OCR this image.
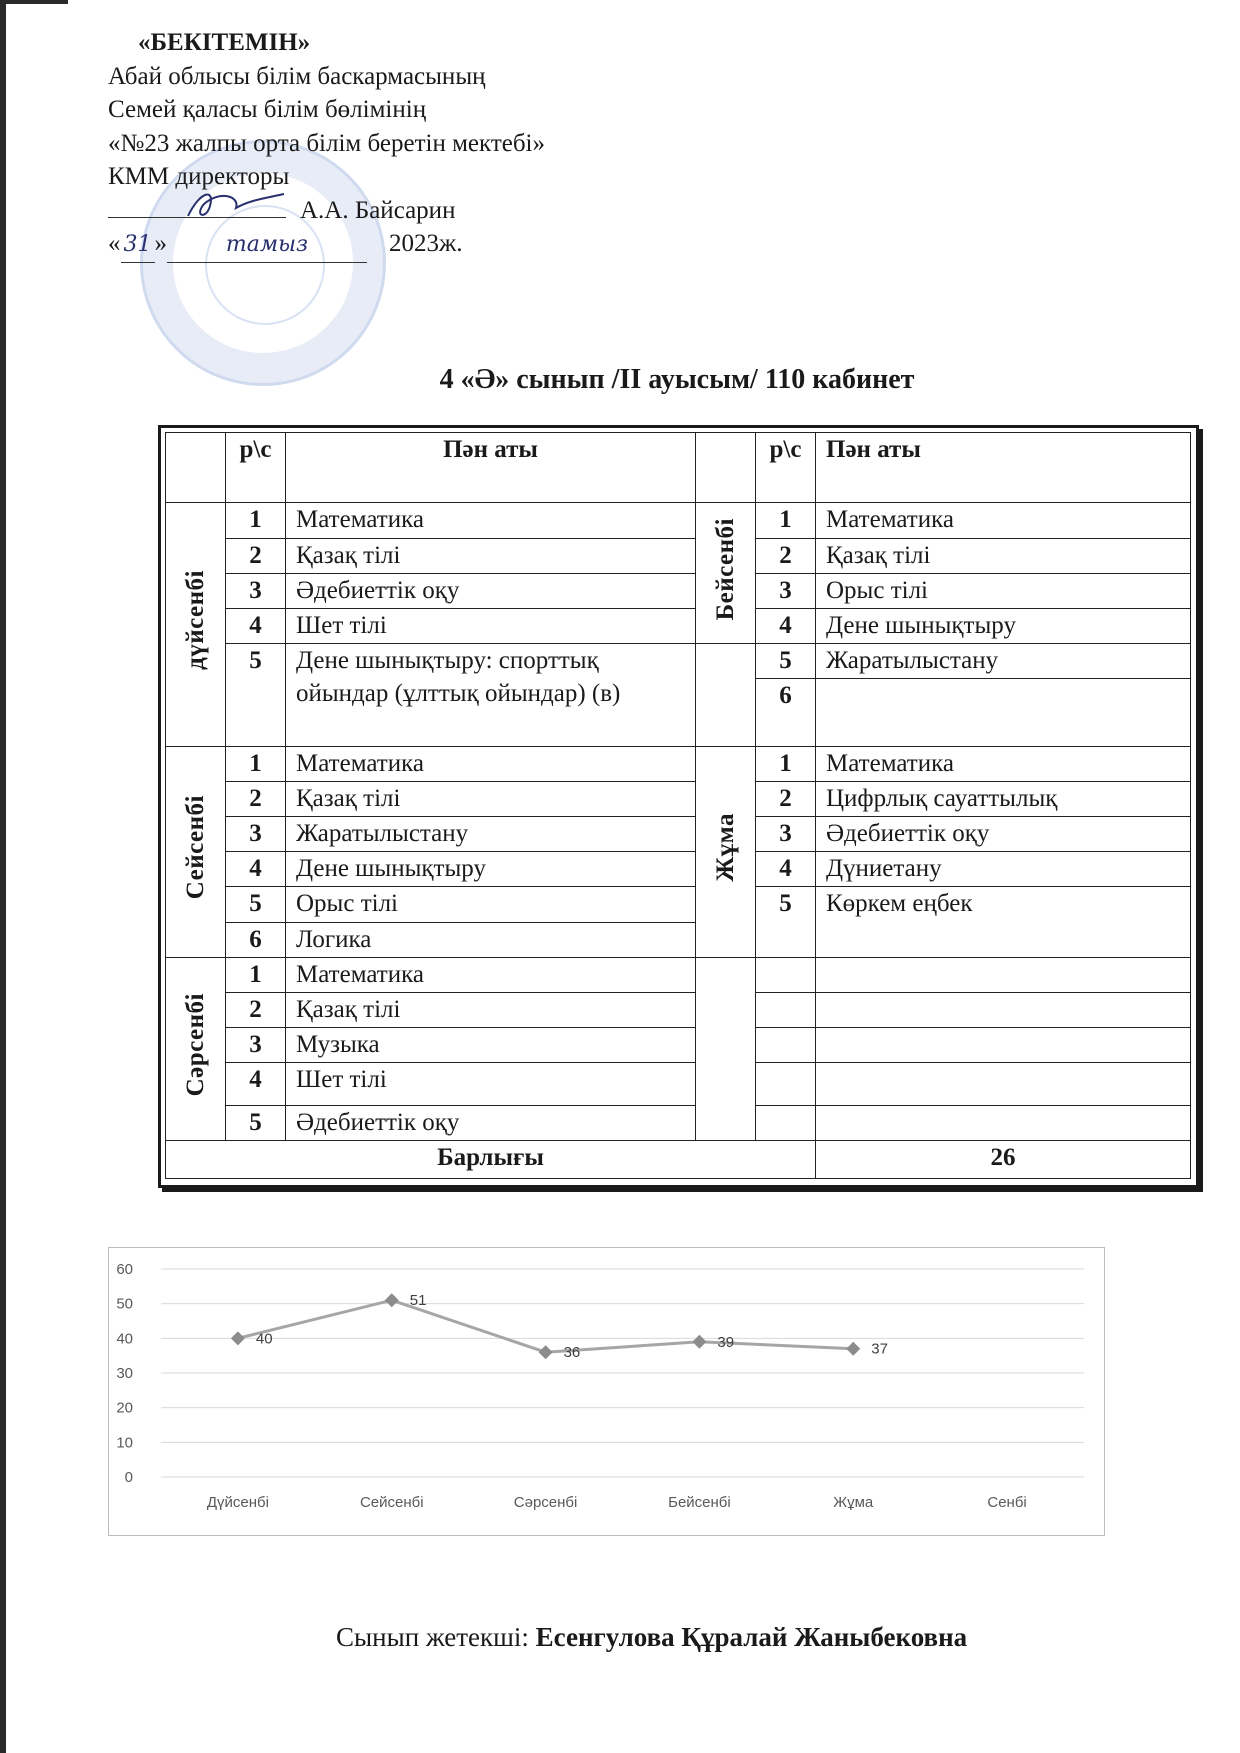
«БЕКІТЕМІН»
Абай облысы білім баскармасының
Семей қаласы білім бөлімінің
«№23 жалпы орта білім беретін мектебі»
КММ директоры
А.А. Байсарин
« 31 »	тамыз	2023ж.
4 «Ә» сынып /ІІ ауысым/ 110 кабинет
	р\с	Пән аты		р\с	Пән аты
дүйсенбі	1	Математика	Бейсенбі	1	Математика
	2	Қазақ тілі		2	Қазақ тілі
	3	Әдебиеттік оқу		3	Орыс тілі
	4	Шет тілі		4	Дене шынықтыру
	5	Дене шынықтыру: спорттық ойындар (ұлттық ойындар) (в)		5	Жаратылыстану
				6	
Сейсенбі	1	Математика	Жұма	1	Математика
	2	Қазақ тілі		2	Цифрлық сауаттылық
	3	Жаратылыстану		3	Әдебиеттік оқу
	4	Дене шынықтыру		4	Дүниетану
	5	Орыс тілі		5	Көркем еңбек
	6	Логика			
Сәрсенбі	1	Математика			
	2	Қазақ тілі			
	3	Музыка			
	4	Шет тілі			
	5	Әдебиеттік оқу			
Барлығы					26
0
10
20
30
40
50
60
Дүйсенбі	Сейсенбі	Сәрсенбі	Бейсенбі	Жұма	Сенбі
40
51
36
39	37
Сынып жетекші: Есенгулова Құралай Жаныбековна
